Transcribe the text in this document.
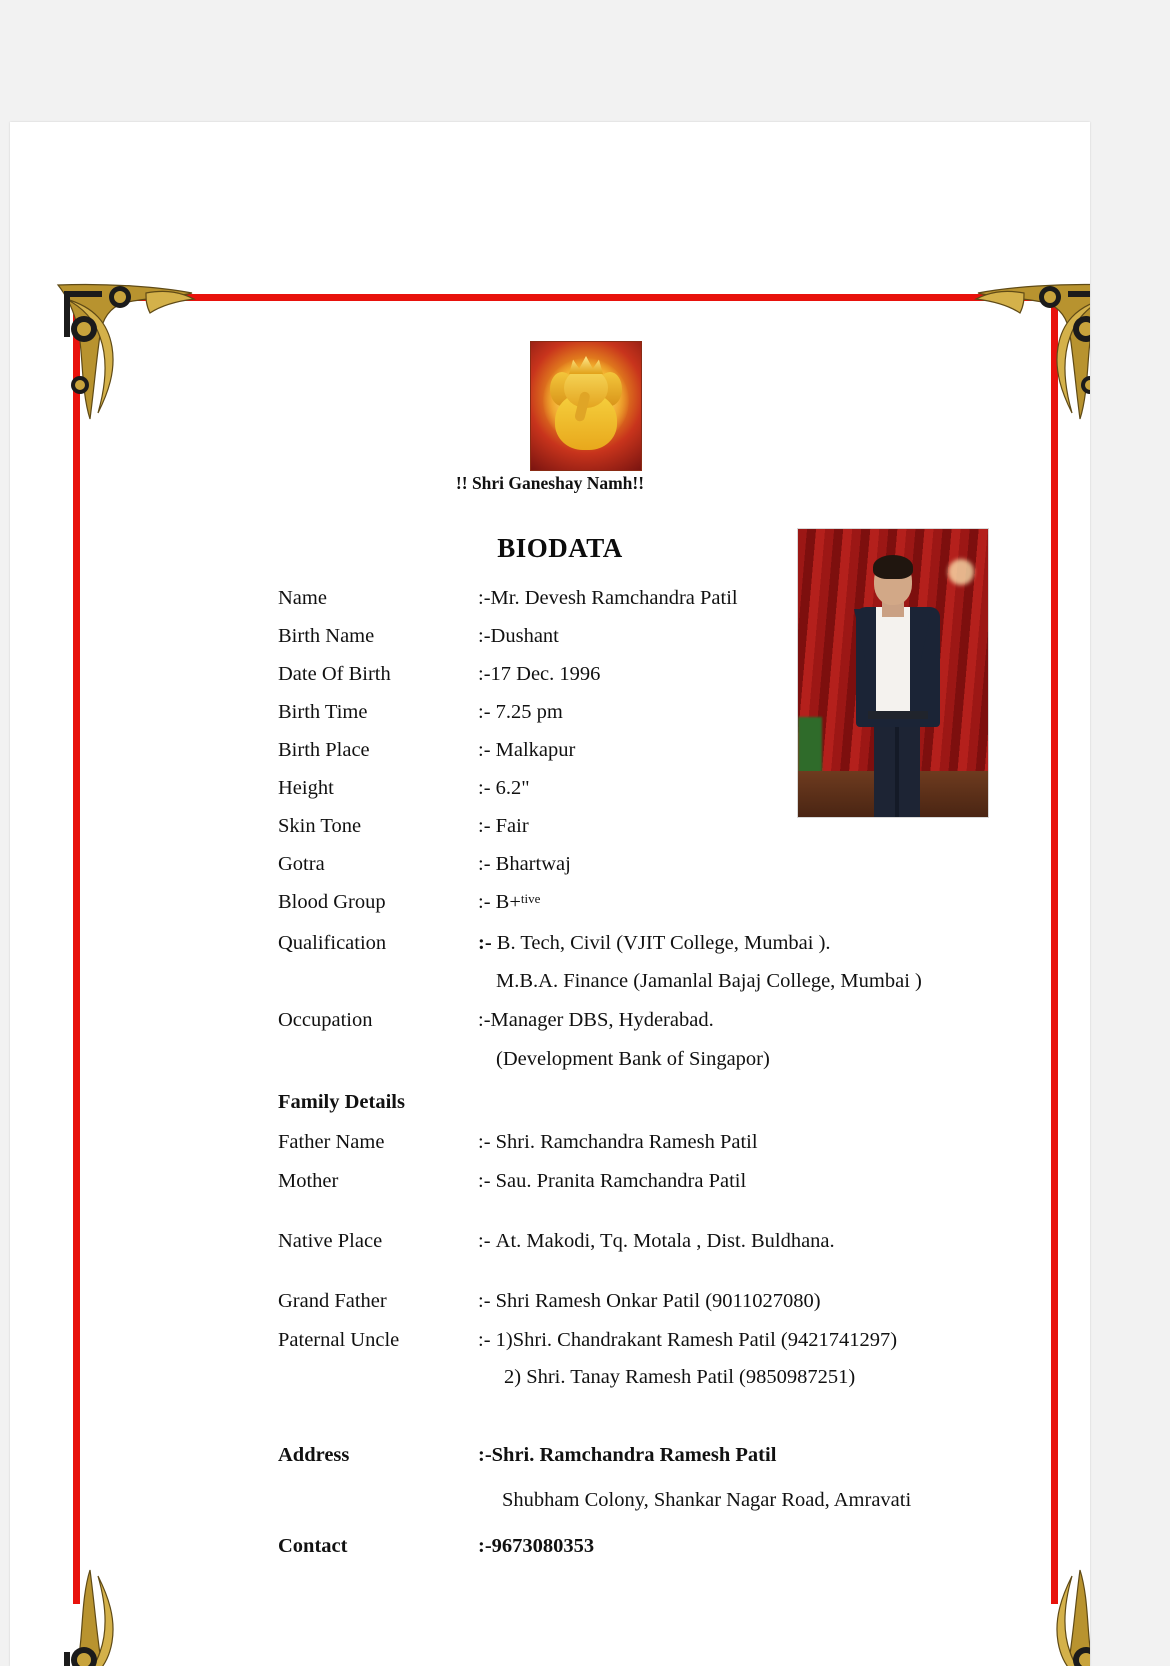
!! Shri Ganeshay Namh!!
BIODATA
Name	:-Mr. Devesh Ramchandra Patil
Birth Name	:-Dushant
Date Of Birth	:-17 Dec. 1996
Birth Time	:- 7.25 pm
Birth Place	:- Malkapur
Height	:- 6.2"
Skin Tone	:- Fair
Gotra	:- Bhartwaj
Blood Group	:- B+$^{tive}$
Qualification	:- B. Tech, Civil (VJIT College, Mumbai ).
M.B.A. Finance (Jamanlal Bajaj College, Mumbai )
Occupation	:-Manager DBS, Hyderabad.
(Development Bank of Singapor)
Family Details
Father Name	:- Shri. Ramchandra Ramesh Patil
Mother	:- Sau. Pranita Ramchandra Patil
Native Place	:- At. Makodi, Tq. Motala , Dist. Buldhana.
Grand Father	:- Shri Ramesh Onkar Patil (9011027080)
Paternal Uncle	:- 1)Shri. Chandrakant Ramesh Patil (9421741297)
2) Shri. Tanay Ramesh Patil (9850987251)
Address	:-Shri. Ramchandra Ramesh Patil
Shubham Colony, Shankar Nagar Road, Amravati
Contact	:-9673080353
